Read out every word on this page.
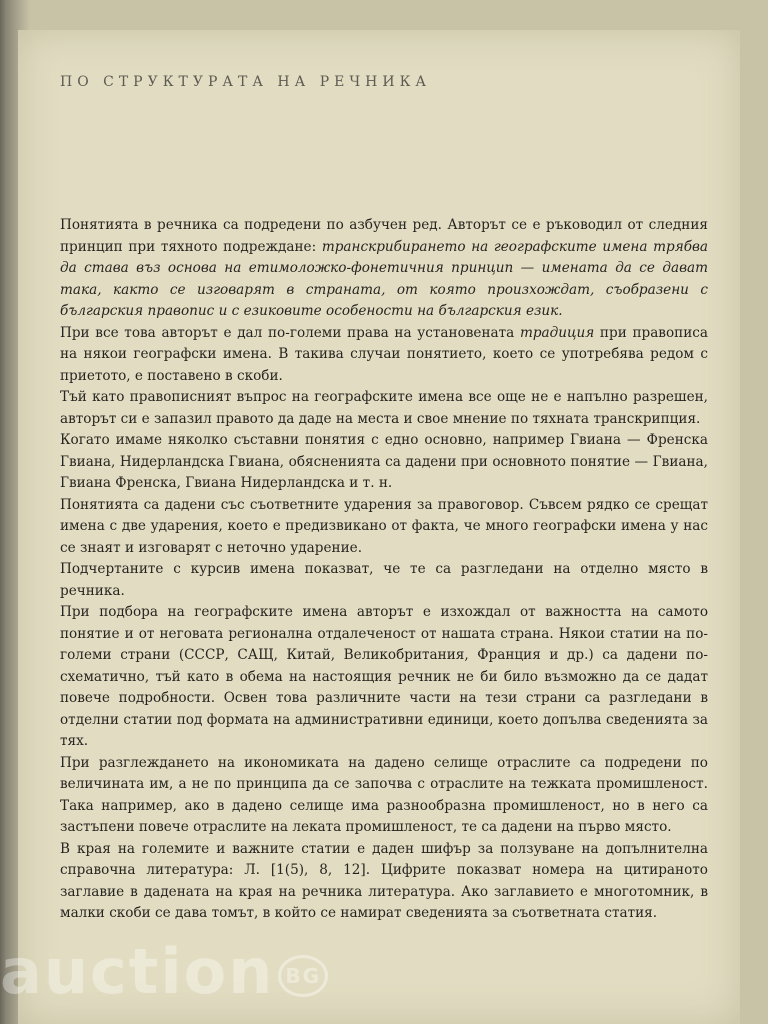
ПО СТРУКТУРАТА НА РЕЧНИКА

Понятията в речника са подредени по азбучен ред. Авторът се е ръководил от следния принцип при тяхното подреждане: транскрибирането на географските имена трябва да става въз основа на етимоложко-фонетичния принцип — имената да се дават така, както се изговарят в страната, от която произхождат, съобразени с българския правопис и с езиковите особености на българския език.

При все това авторът е дал по-големи права на установената традиция при правописа на някои географски имена. В такива случаи понятието, което се употребява редом с приетото, е поставено в скоби.

Тъй като правописният въпрос на географските имена все още не е напълно разрешен, авторът си е запазил правото да даде на места и свое мнение по тяхната транскрипция.

Когато имаме няколко съставни понятия с едно основно, например Гвиана — Френска Гвиана, Нидерландска Гвиана, обясненията са дадени при основното понятие — Гвиана, Гвиана Френска, Гвиана Нидерландска и т. н.

Понятията са дадени със съответните ударения за правоговор. Съвсем рядко се срещат имена с две ударения, което е предизвикано от факта, че много географски имена у нас се знаят и изговарят с неточно ударение.

Подчертаните с курсив имена показват, че те са разгледани на отделно място в речника.

При подбора на географските имена авторът е изхождал от важността на самото понятие и от неговата регионална отдалеченост от нашата страна. Някои статии на по-големи страни (СССР, САЩ, Китай, Великобритания, Франция и др.) са дадени по-схематично, тъй като в обема на настоящия речник не би било възможно да се дадат повече подробности. Освен това различните части на тези страни са разгледани в отделни статии под формата на административни единици, което допълва сведенията за тях.

При разглеждането на икономиката на дадено селище отраслите са подредени по величината им, а не по принципа да се започва с отраслите на тежката промишленост. Така например, ако в дадено селище има разнообразна промишленост, но в него са застъпени повече отраслите на леката промишленост, те са дадени на първо място.

В края на големите и важните статии е даден шифър за ползуване на допълнителна справочна литература: Л. [1(5), 8, 12]. Цифрите показват номера на цитираното заглавие в дадената на края на речника литература. Ако заглавието е многотомник, в малки скоби се дава томът, в който се намират сведенията за съответната статия.

auction BG
